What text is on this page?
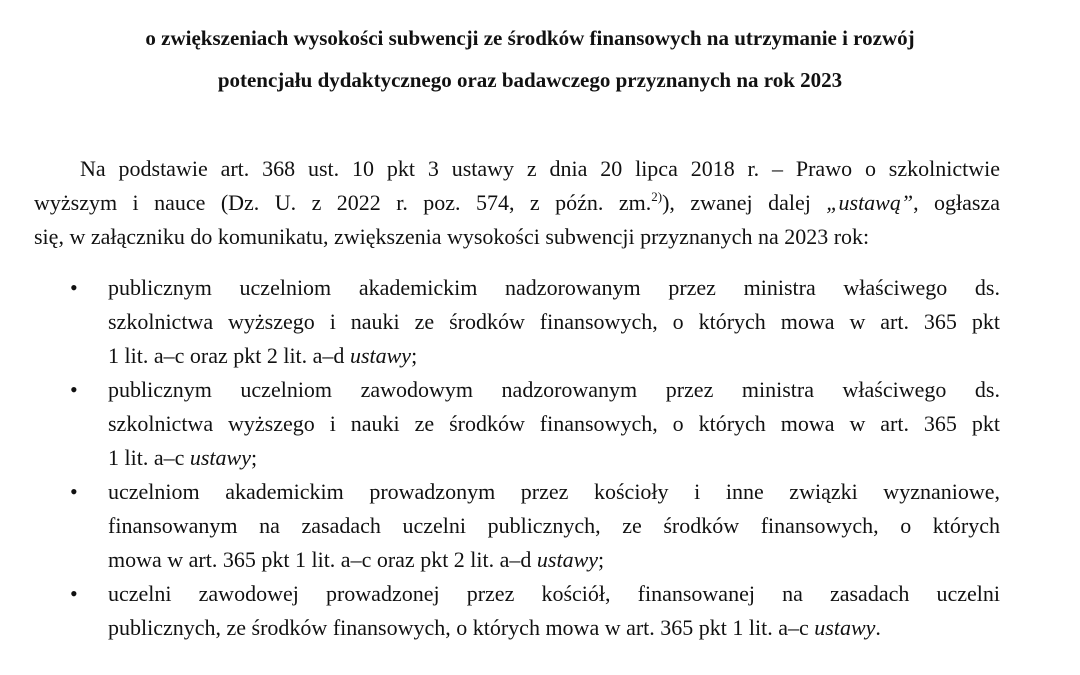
o zwiększeniach wysokości subwencji ze środków finansowych na utrzymanie i rozwój
potencjału dydaktycznego oraz badawczego przyznanych na rok 2023
Na podstawie art. 368 ust. 10 pkt 3 ustawy z dnia 20 lipca 2018 r. – Prawo o szkolnictwie
wyższym i nauce (Dz. U. z 2022 r. poz. 574, z późn. zm.$^{2)}$), zwanej dalej „ustawą”, ogłasza
się, w załączniku do komunikatu, zwiększenia wysokości subwencji przyznanych na 2023 rok:
• publicznym uczelniom akademickim nadzorowanym przez ministra właściwego ds.
szkolnictwa wyższego i nauki ze środków finansowych, o których mowa w art. 365 pkt
1 lit. a–c oraz pkt 2 lit. a–d ustawy;
• publicznym uczelniom zawodowym nadzorowanym przez ministra właściwego ds.
szkolnictwa wyższego i nauki ze środków finansowych, o których mowa w art. 365 pkt
1 lit. a–c ustawy;
• uczelniom akademickim prowadzonym przez kościoły i inne związki wyznaniowe,
finansowanym na zasadach uczelni publicznych, ze środków finansowych, o których
mowa w art. 365 pkt 1 lit. a–c oraz pkt 2 lit. a–d ustawy;
• uczelni zawodowej prowadzonej przez kościół, finansowanej na zasadach uczelni
publicznych, ze środków finansowych, o których mowa w art. 365 pkt 1 lit. a–c ustawy.
